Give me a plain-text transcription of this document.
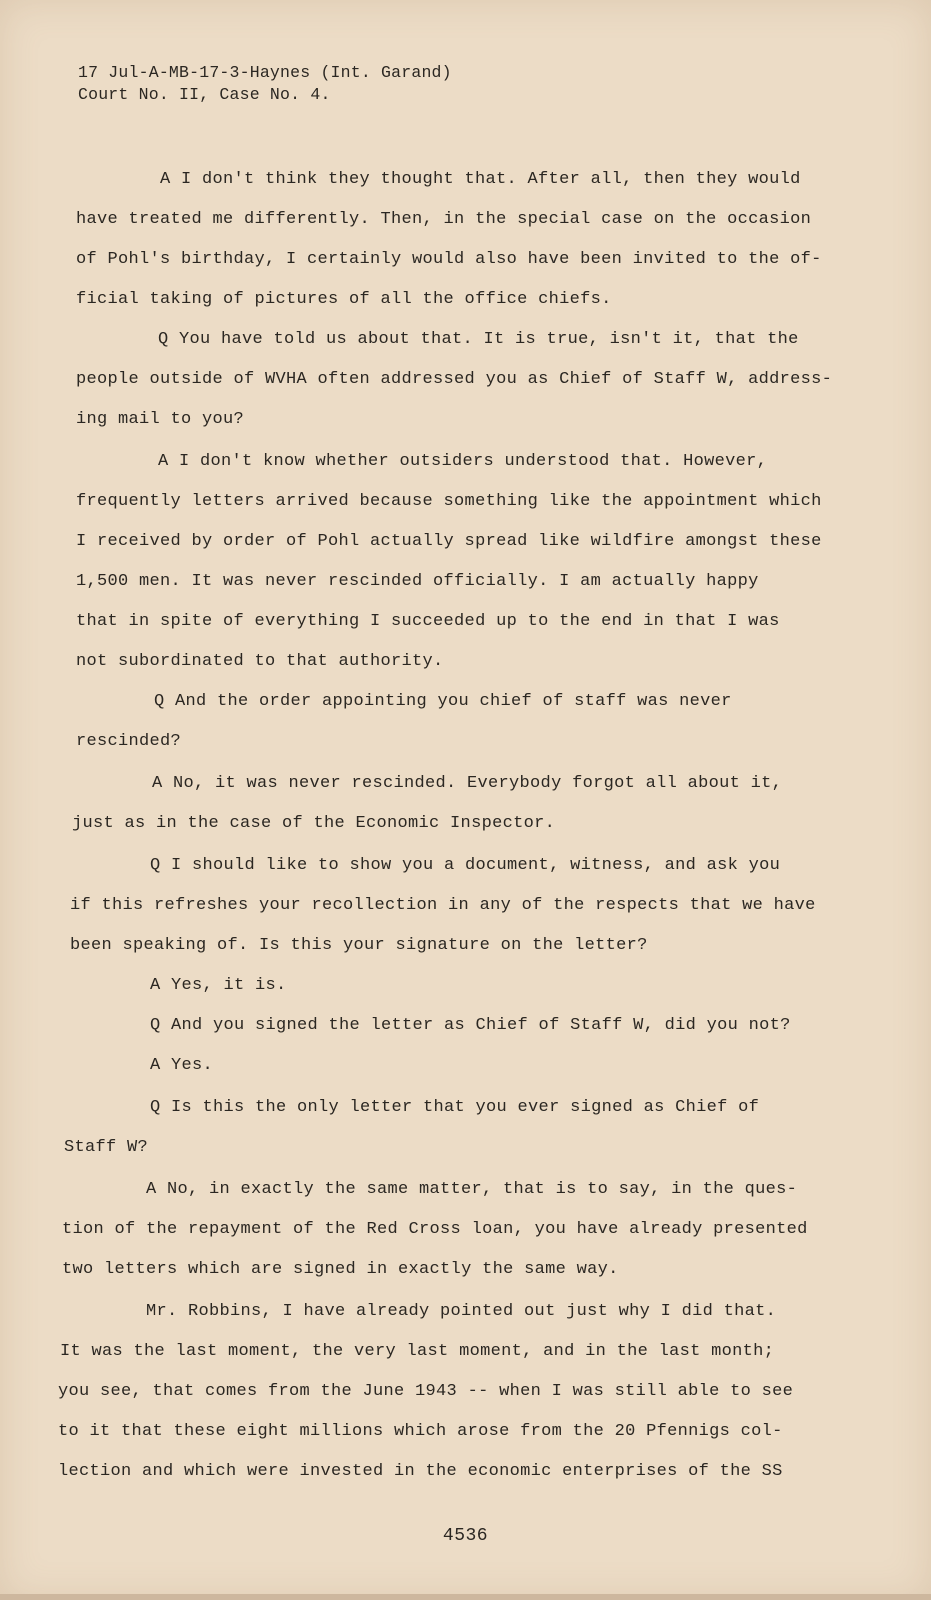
17 Jul-A-MB-17-3-Haynes (Int. Garand)
Court No. II, Case No. 4.
A I don't think they thought that. After all, then they would
have treated me differently. Then, in the special case on the occasion
of Pohl's birthday, I certainly would also have been invited to the of-
ficial taking of pictures of all the office chiefs.
Q You have told us about that. It is true, isn't it, that the
people outside of WVHA often addressed you as Chief of Staff W, address-
ing mail to you?
A I don't know whether outsiders understood that. However,
frequently letters arrived because something like the appointment which
I received by order of Pohl actually spread like wildfire amongst these
1,500 men. It was never rescinded officially. I am actually happy
that in spite of everything I succeeded up to the end in that I was
not subordinated to that authority.
Q And the order appointing you chief of staff was never
rescinded?
A No, it was never rescinded. Everybody forgot all about it,
just as in the case of the Economic Inspector.
Q I should like to show you a document, witness, and ask you
if this refreshes your recollection in any of the respects that we have
been speaking of. Is this your signature on the letter?
A Yes, it is.
Q And you signed the letter as Chief of Staff W, did you not?
A Yes.
Q Is this the only letter that you ever signed as Chief of
Staff W?
A No, in exactly the same matter, that is to say, in the ques-
tion of the repayment of the Red Cross loan, you have already presented
two letters which are signed in exactly the same way.
Mr. Robbins, I have already pointed out just why I did that.
It was the last moment, the very last moment, and in the last month;
you see, that comes from the June 1943 -- when I was still able to see
to it that these eight millions which arose from the 20 Pfennigs col-
lection and which were invested in the economic enterprises of the SS
4536
